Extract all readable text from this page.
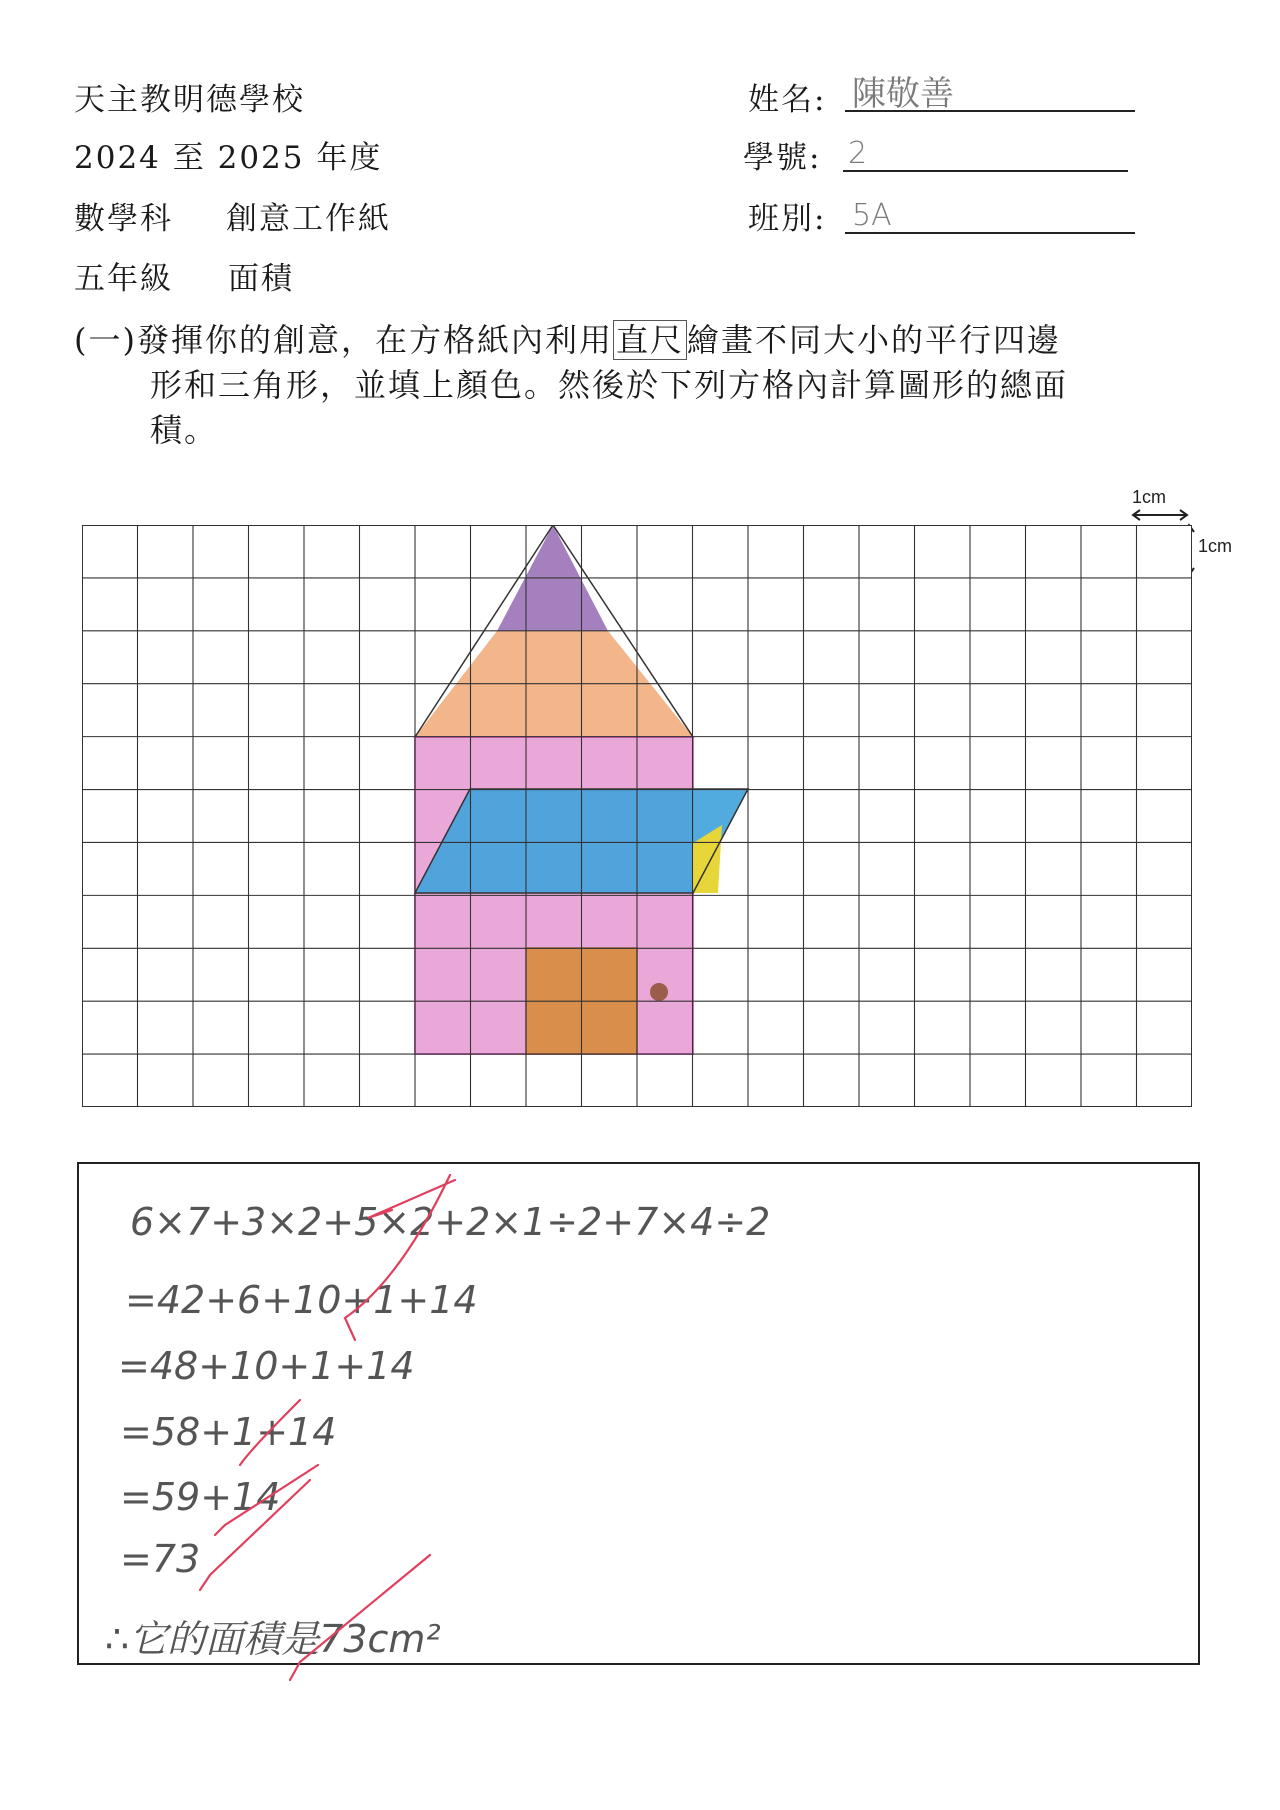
天主教明德學校
2024 至 2025 年度
數學科 創意工作紙
五年級 面積
姓名: 陳敬善
學號: 2
班別: 5A
(一)發揮你的創意，在方格紙內利用直尺繪畫不同大小的平行四邊
形和三角形，並填上顏色。然後於下列方格內計算圖形的總面
積。
1cm
1cm
6×7+3×2+5×2+2×1÷2+7×4÷2
=42+6+10+1+14
=48+10+1+14
=58+1+14
=59+14
=73
∴它的面積是73cm²
